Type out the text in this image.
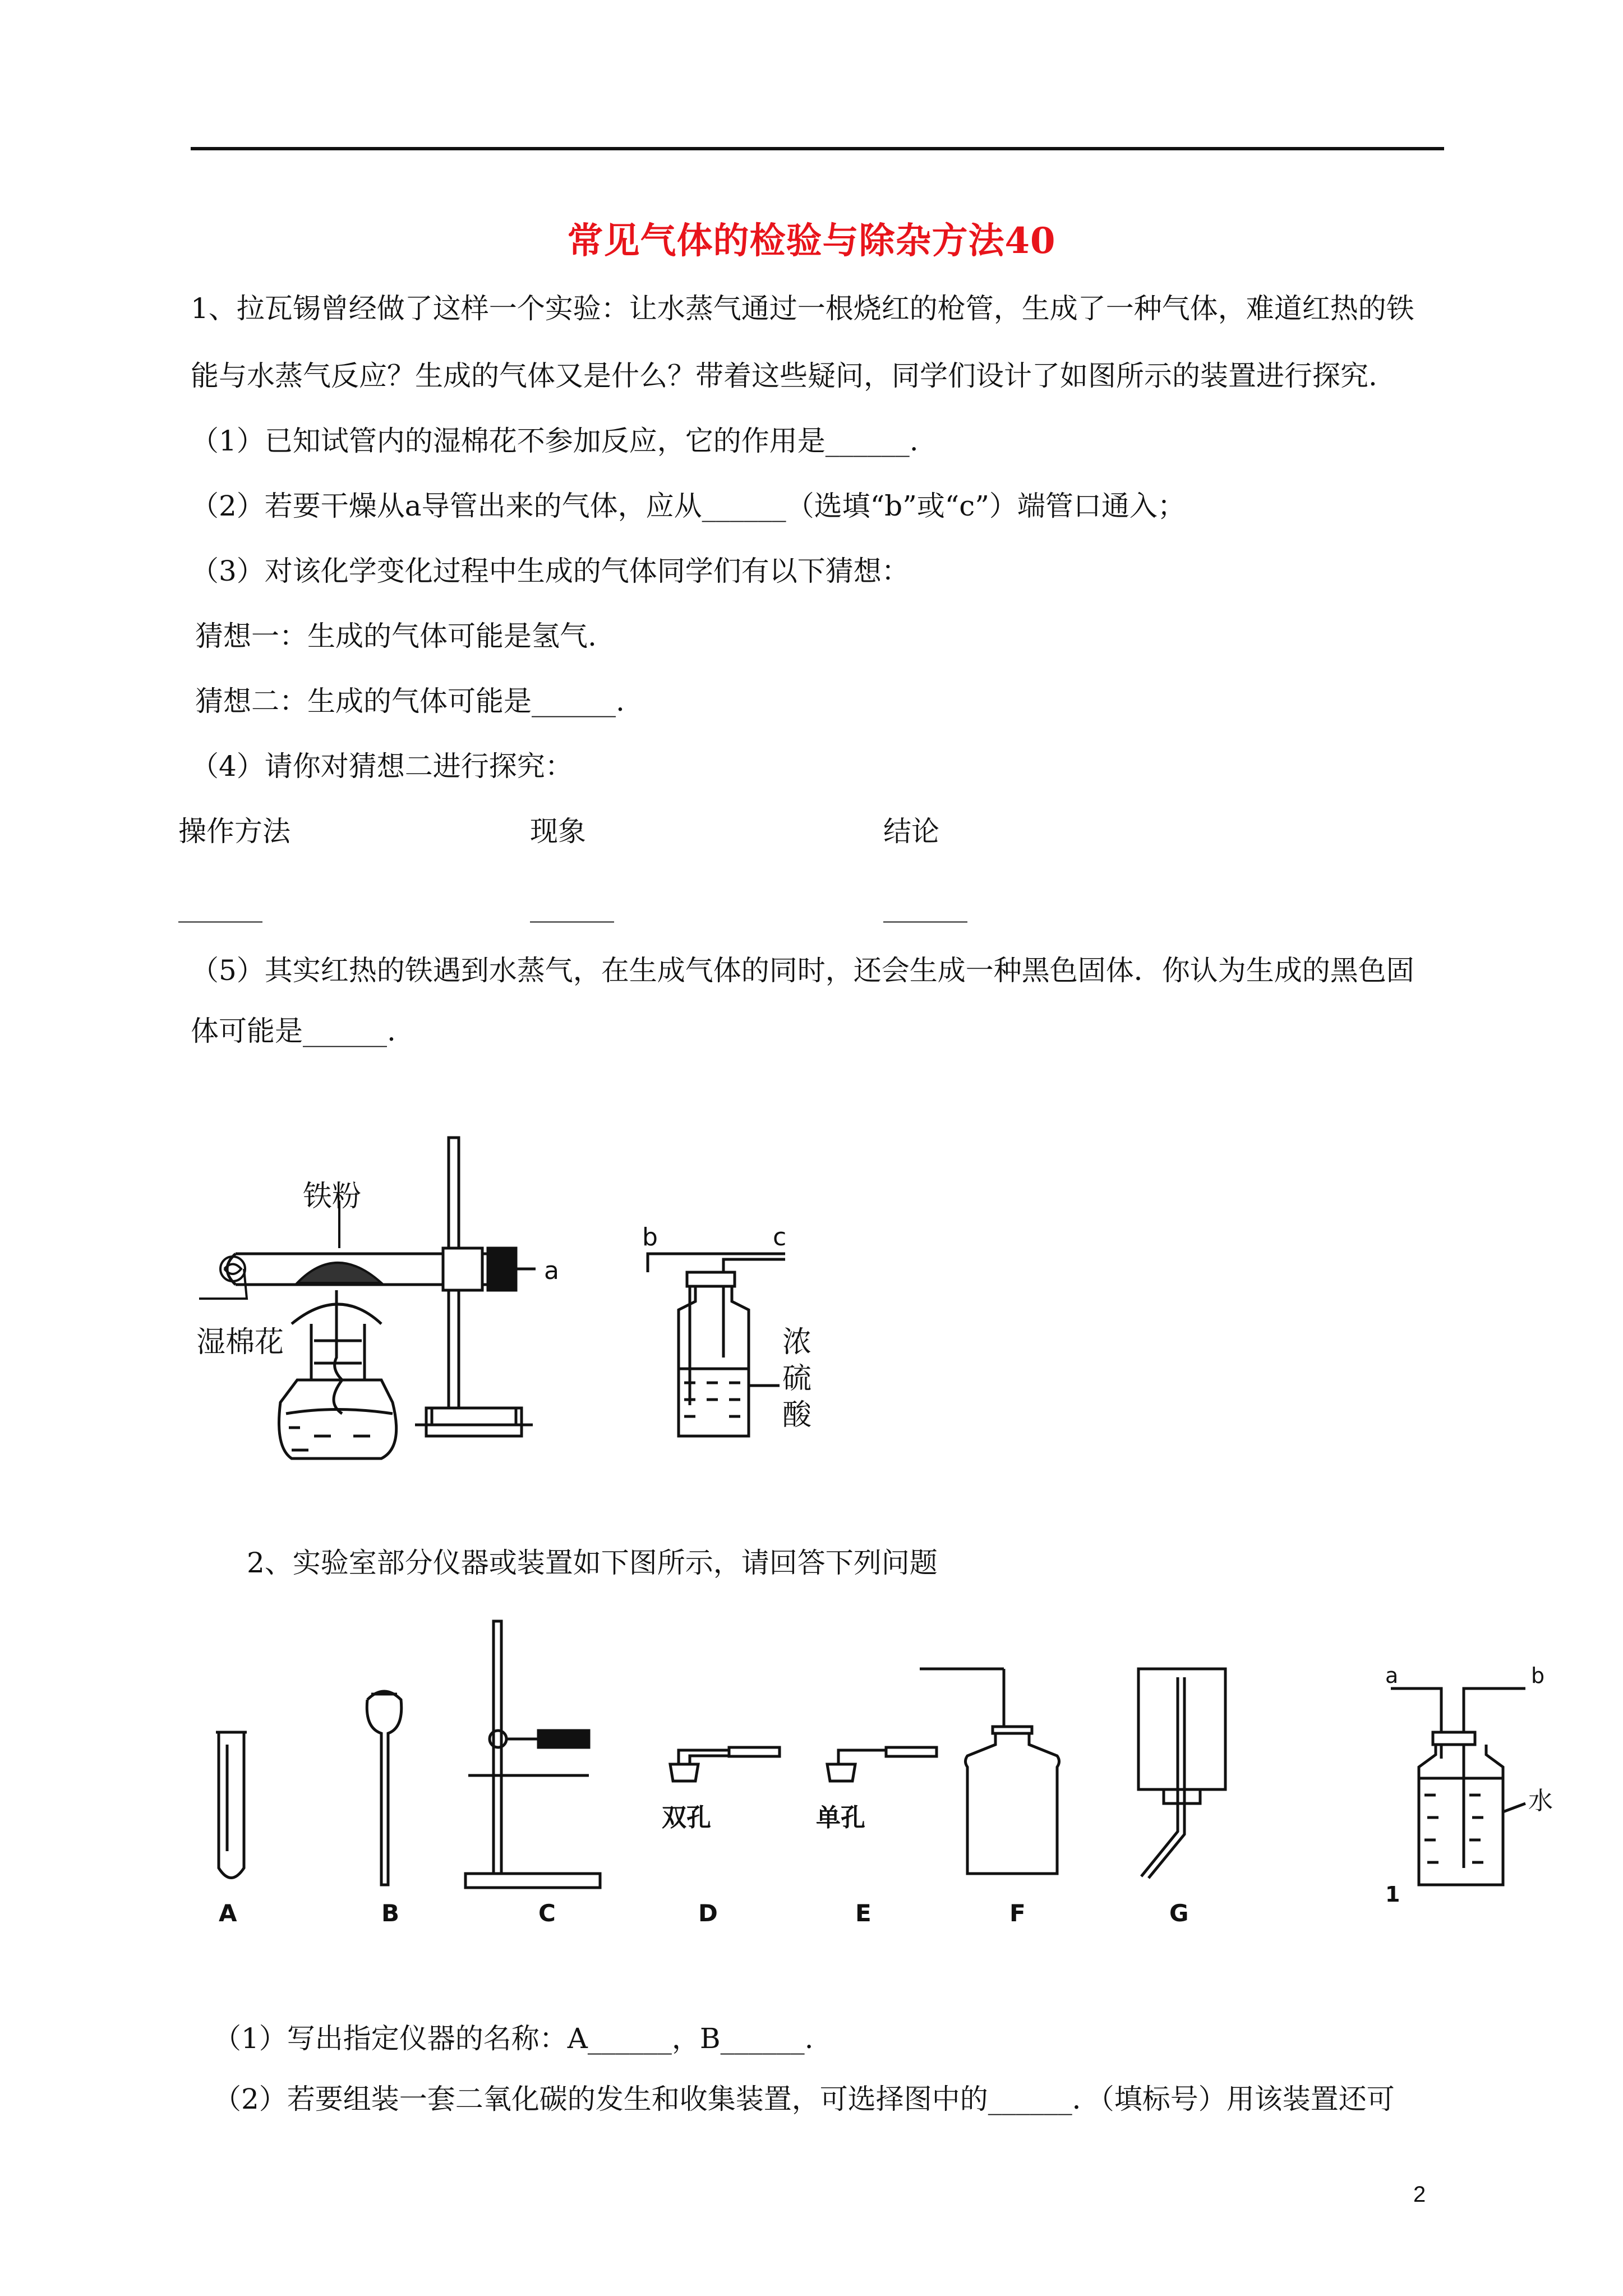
常见气体的检验与除杂方法40
1、拉瓦锡曾经做了这样一个实验：让水蒸气通过一根烧红的枪管，生成了一种气体，难道红热的铁
能与水蒸气反应？生成的气体又是什么？带着这些疑问，同学们设计了如图所示的装置进行探究.
（1）已知试管内的湿棉花不参加反应，它的作用是______.
（2）若要干燥从a导管出来的气体，应从______（选填“b”或“c”）端管口通入；
（3）对该化学变化过程中生成的气体同学们有以下猜想：
猜想一：生成的气体可能是氢气.
猜想二：生成的气体可能是______.
（4）请你对猜想二进行探究：
操作方法	现象	结论
______	______	______
（5）其实红热的铁遇到水蒸气，在生成气体的同时，还会生成一种黑色固体．你认为生成的黑色固
体可能是______.
铁粉
湿棉花
a
b	c
浓
硫
酸
2、实验室部分仪器或装置如下图所示，请回答下列问题
A	B	C	D	E	F	G
双孔	单孔
a	b
水
1
（1）写出指定仪器的名称：A______，B______.
（2）若要组装一套二氧化碳的发生和收集装置，可选择图中的______．（填标号）用该装置还可
2
